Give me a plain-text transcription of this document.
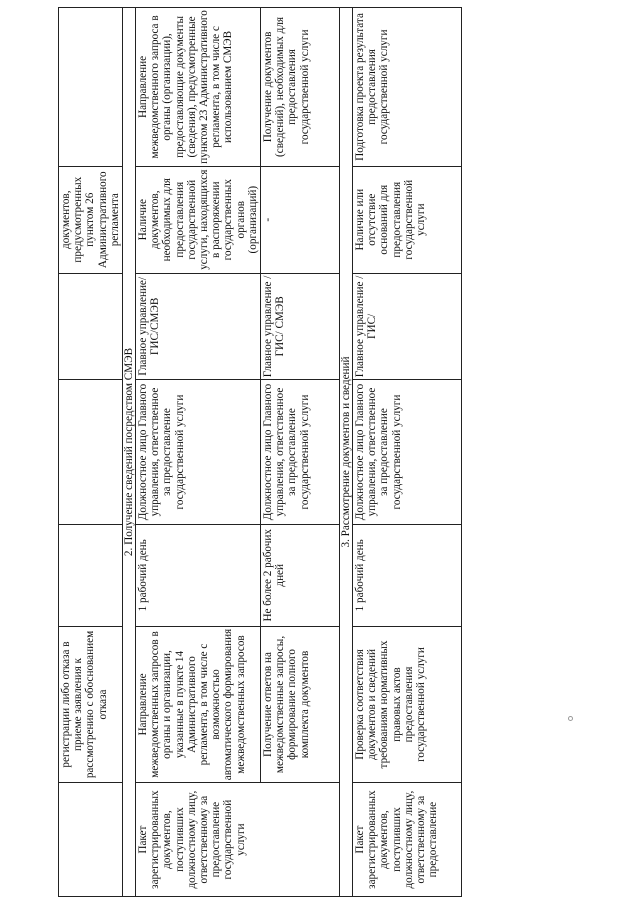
	регистрации либо отказа в приеме заявления к рассмотрению с обоснованием отказа				документов, предусмотренных пунктом 26 Административного регламента	
2. Получение сведений посредством СМЭВ						
Пакет зарегистрированных документов, поступивших должностному лицу, ответственному за предоставление государственной услуги	Направление межведомственных запросов в органы и организации, указанные в пункте 14 Административного регламента, в том числе с возможностью автоматического формирования межведомственных запросов	1 рабочий день	Должностное лицо Главного управления, ответственное за предоставление государственной услуги	Главное управление/ГИС/СМЭВ	Наличие документов, необходимых для предоставления государственной услуги, находящихся в распоряжении государственных органов (организаций)	Направление межведомственного запроса в органы (организации), предоставляющие документы (сведения), предусмотренные пунктом 23 Административного регламента, в том числе с использованием СМЭВ
	Получение ответов на межведомственные запросы, формирование полного комплекта документов	Не более 2 рабочих дней	Должностное лицо Главного управления, ответственное за предоставление государственной услуги	Главное управление /ГИС/ СМЭВ	-	Получение документов (сведений), необходимых для предоставления государственной услуги
3. Рассмотрение документов и сведений						
Пакет зарегистрированных документов, поступивших должностному лицу, ответственному за предоставление	Проверка соответствия документов и сведений требованиям нормативных правовых актов предоставления государственной услуги	1 рабочий день	Должностное лицо Главного управления, ответственное за предоставление государственной услуги	Главное управление /ГИС/	Наличие или отсутствие оснований для предоставления государственной услуги	Подготовка проекта результата предоставления государственной услуги
